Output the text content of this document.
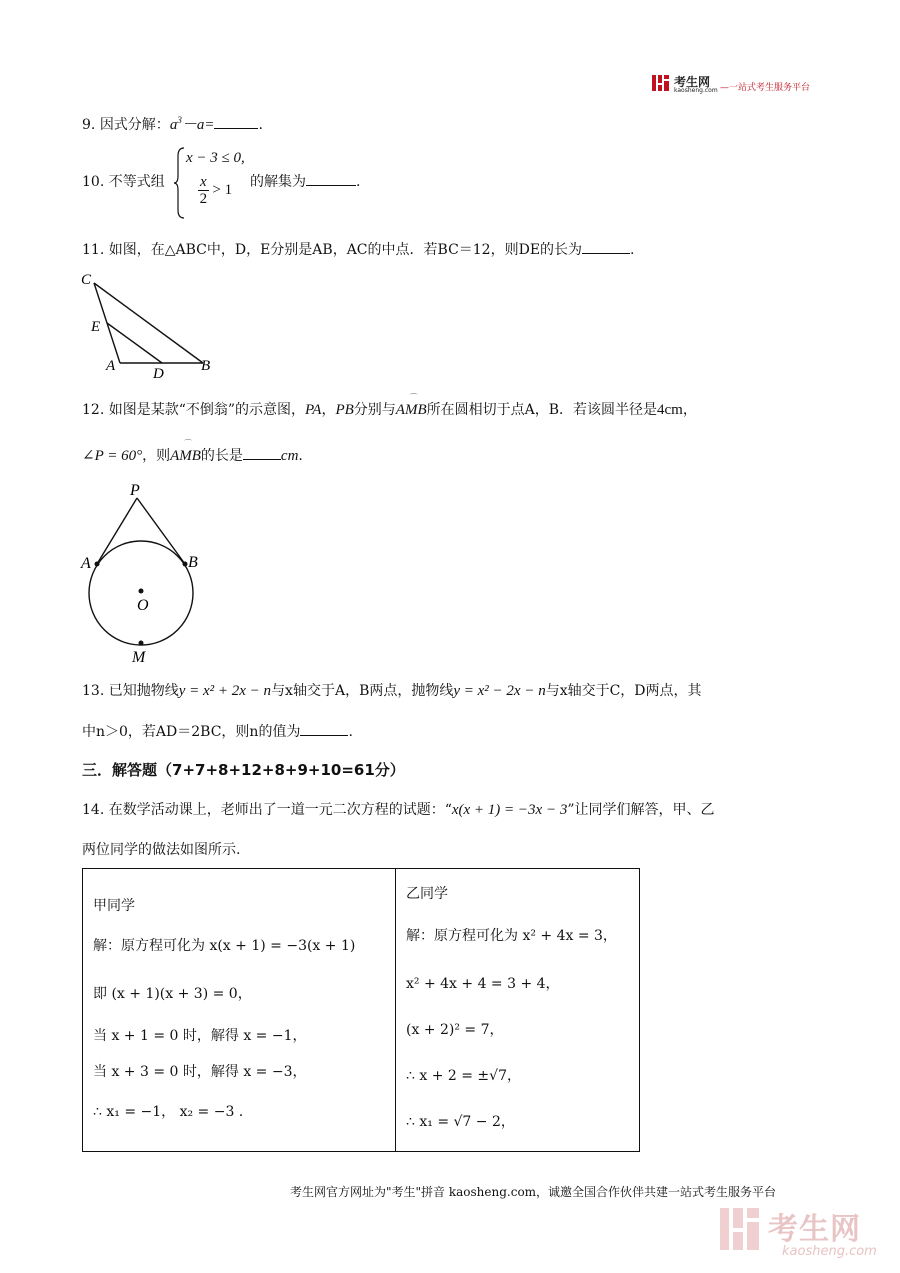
考生网
kaosheng.com —一站式考生服务平台
9. 因式分解：$a^3-a=$	.
10. 不等式组
x − 3 ≤ 0,
$\frac{x}{2} > 1$ 的解集为	.
11. 如图，在△ABC中，D，E分别是AB，AC的中点．若BC＝12，则DE的长为	.
C
E
A	D B
12. 如图是某款“不倒翁”的示意图，PA，PB分别与
⌒
AMB所在圆相切于点A，B．若该圆半径是4cm，
∠P = 60°，则
⌒
AMB的长是	cm.
P
A	B
O
M
13. 已知抛物线y = x² + 2x − n与x轴交于A，B两点，抛物线y = x² − 2x − n与x轴交于C，D两点，其
中n＞0，若AD＝2BC，则n的值为	.
三．解答题（7+7+8+12+8+9+10=61分）
14. 在数学活动课上，老师出了一道一元二次方程的试题：“x(x + 1) = −3x − 3”让同学们解答，甲、乙
两位同学的做法如图所示.
甲同学
解：原方程可化为 x(x + 1) = −3(x + 1)
即 (x + 1)(x + 3) = 0，
当 x + 1 = 0 时，解得 x = −1，
当 x + 3 = 0 时，解得 x = −3，
∴ x₁ = −1， x₂ = −3 .

乙同学
解：原方程可化为 x² + 4x = 3，
x² + 4x + 4 = 3 + 4，
(x + 2)² = 7，
∴ x + 2 = ±√7，
∴ x₁ = √7 − 2，
考生网官方网址为"考生"拼音 kaosheng.com，诚邀全国合作伙伴共建一站式考生服务平台
考生网
kaosheng.com
